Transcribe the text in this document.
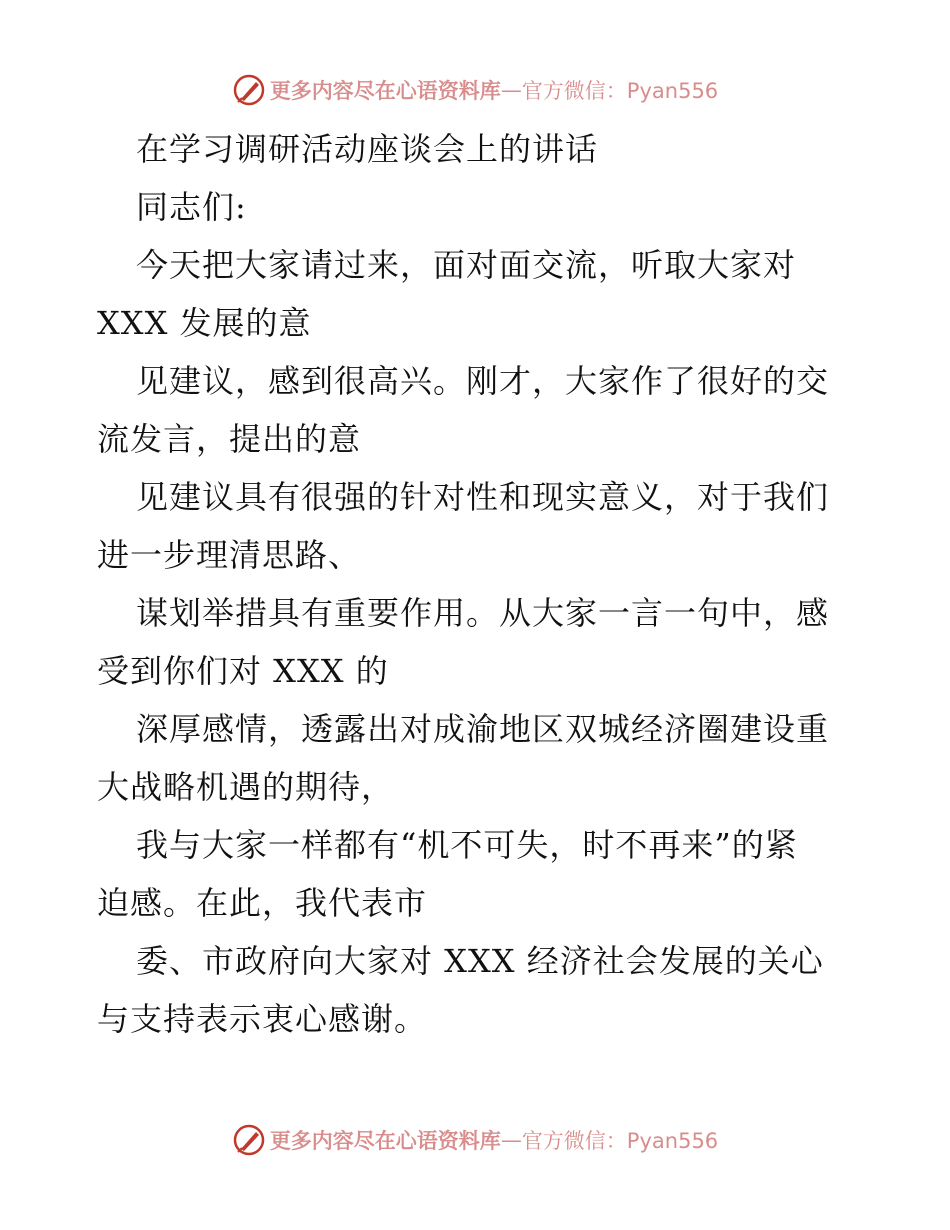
更多内容尽在心语资料库 — 官方微信：Pyan556
在学习调研活动座谈会上的讲话
同志们:
今天把大家请过来，面对面交流，听取大家对
XXX 发展的意
见建议，感到很高兴。刚才，大家作了很好的交
流发言，提出的意
见建议具有很强的针对性和现实意义，对于我们
进一步理清思路、
谋划举措具有重要作用。从大家一言一句中，感
受到你们对 XXX 的
深厚感情，透露出对成渝地区双城经济圈建设重
大战略机遇的期待，
我与大家一样都有“机不可失，时不再来”的紧
迫感。在此，我代表市
委、市政府向大家对 XXX 经济社会发展的关心
与支持表示衷心感谢。
更多内容尽在心语资料库 — 官方微信：Pyan556
